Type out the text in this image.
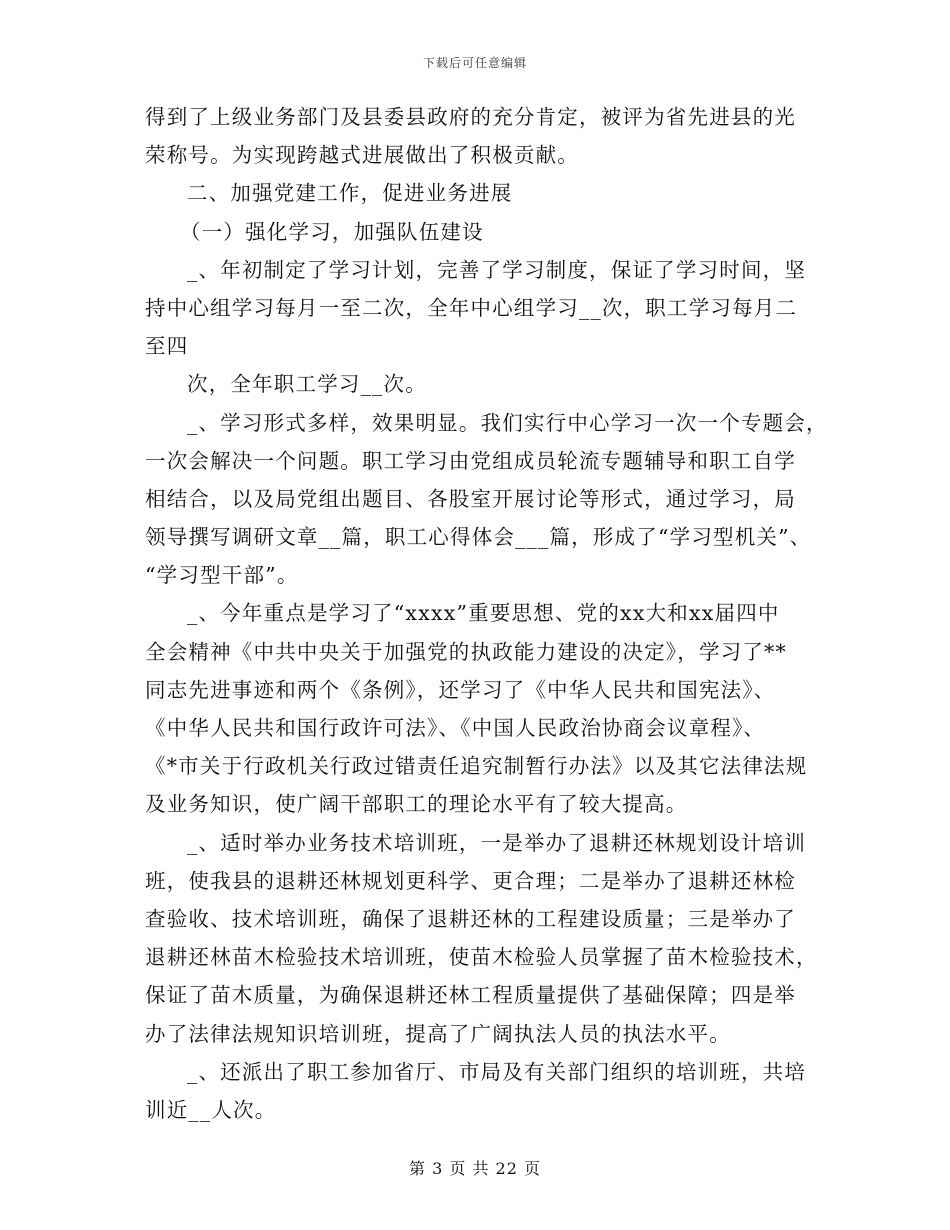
下载后可任意编辑
得到了上级业务部门及县委县政府的充分肯定，被评为省先进县的光
荣称号。为实现跨越式进展做出了积极贡献。
二、加强党建工作，促进业务进展
（一）强化学习，加强队伍建设
_、年初制定了学习计划，完善了学习制度，保证了学习时间，坚
持中心组学习每月一至二次，全年中心组学习__次，职工学习每月二
至四
次，全年职工学习__次。
_、学习形式多样，效果明显。我们实行中心学习一次一个专题会，
一次会解决一个问题。职工学习由党组成员轮流专题辅导和职工自学
相结合，以及局党组出题目、各股室开展讨论等形式，通过学习，局
领导撰写调研文章__篇，职工心得体会___篇，形成了“学习型机关”、
“学习型干部”。
_、今年重点是学习了“xxxx”重要思想、党的xx大和xx届四中
全会精神《中共中央关于加强党的执政能力建设的决定》，学习了**
同志先进事迹和两个《条例》，还学习了《中华人民共和国宪法》、
《中华人民共和国行政许可法》、《中国人民政治协商会议章程》、
《*市关于行政机关行政过错责任追究制暂行办法》以及其它法律法规
及业务知识，使广阔干部职工的理论水平有了较大提高。
_、适时举办业务技术培训班，一是举办了退耕还林规划设计培训
班，使我县的退耕还林规划更科学、更合理；二是举办了退耕还林检
查验收、技术培训班，确保了退耕还林的工程建设质量；三是举办了
退耕还林苗木检验技术培训班，使苗木检验人员掌握了苗木检验技术，
保证了苗木质量，为确保退耕还林工程质量提供了基础保障；四是举
办了法律法规知识培训班，提高了广阔执法人员的执法水平。
_、还派出了职工参加省厅、市局及有关部门组织的培训班，共培
训近__人次。
第 3 页 共 22 页
